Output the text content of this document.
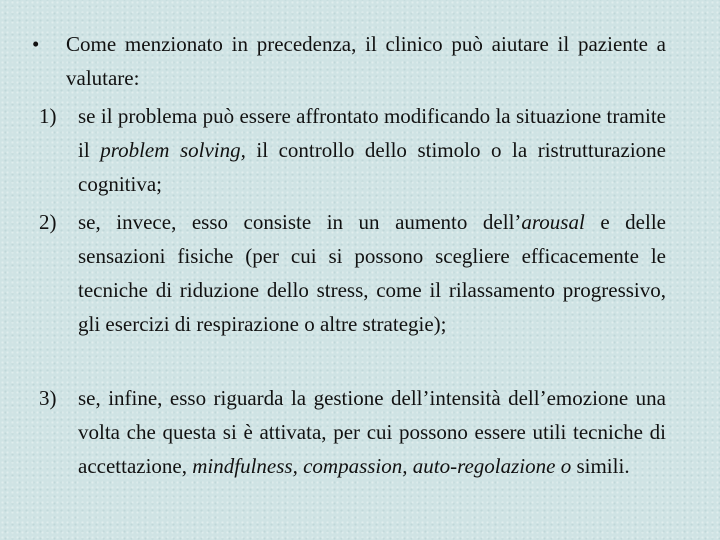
• Come menzionato in precedenza, il clinico può aiutare il paziente a valutare:
1) se il problema può essere affrontato modificando la situazione tramite il problem solving, il controllo dello stimolo o la ristrutturazione cognitiva;
2) se, invece, esso consiste in un aumento dell’arousal e delle sensazioni fisiche (per cui si possono scegliere efficacemente le tecniche di riduzione dello stress, come il rilassamento progressivo, gli esercizi di respirazione o altre strategie);
3) se, infine, esso riguarda la gestione dell’intensità dell’emozione una volta che questa si è attivata, per cui possono essere utili tecniche di accettazione, mindfulness, compassion, auto-regolazione o simili.
